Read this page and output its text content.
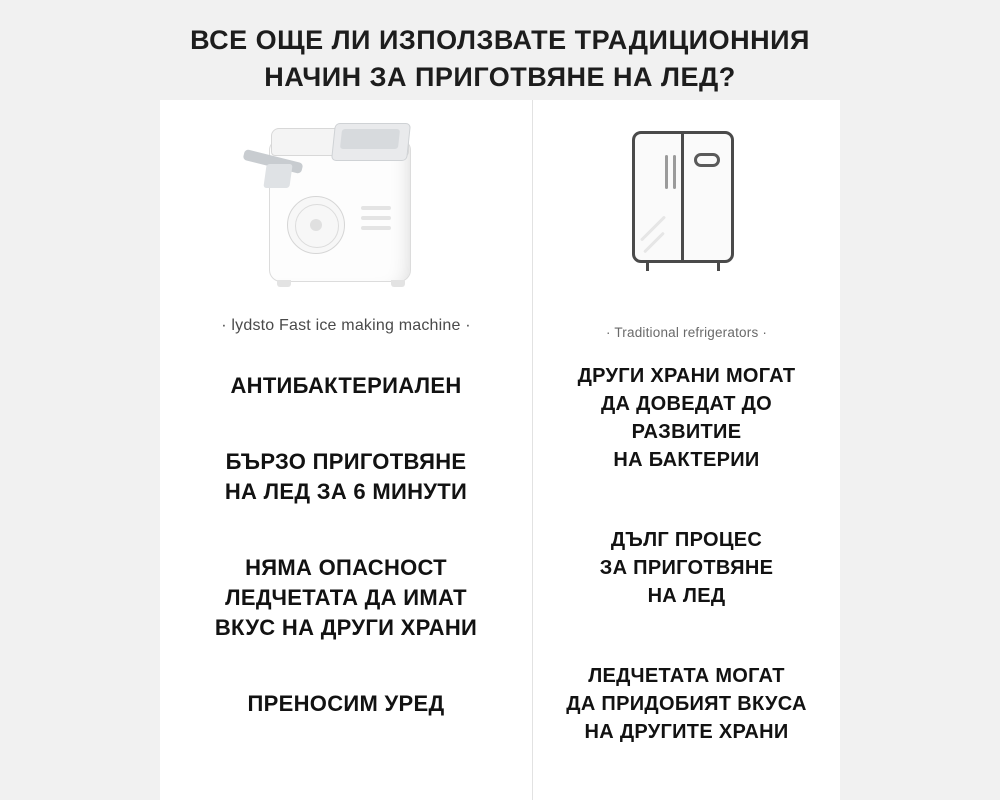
ВСЕ ОЩЕ ЛИ ИЗПОЛЗВАТЕ ТРАДИЦИОННИЯ
НАЧИН ЗА ПРИГОТВЯНЕ НА ЛЕД?
· lydsto Fast ice making machine ·
АНТИБАКТЕРИАЛЕН
БЪРЗО ПРИГОТВЯНЕ
НА ЛЕД ЗА 6 МИНУТИ
НЯМА ОПАСНОСТ
ЛЕДЧЕТАТА ДА ИМАТ
ВКУС НА ДРУГИ ХРАНИ
ПРЕНОСИМ УРЕД
· Traditional refrigerators ·
ДРУГИ ХРАНИ МОГАТ
ДА ДОВЕДАТ ДО
РАЗВИТИЕ
НА БАКТЕРИИ
ДЪЛГ ПРОЦЕС
ЗА ПРИГОТВЯНЕ
НА ЛЕД
ЛЕДЧЕТАТА МОГАТ
ДА ПРИДОБИЯТ ВКУСА
НА ДРУГИТЕ ХРАНИ
